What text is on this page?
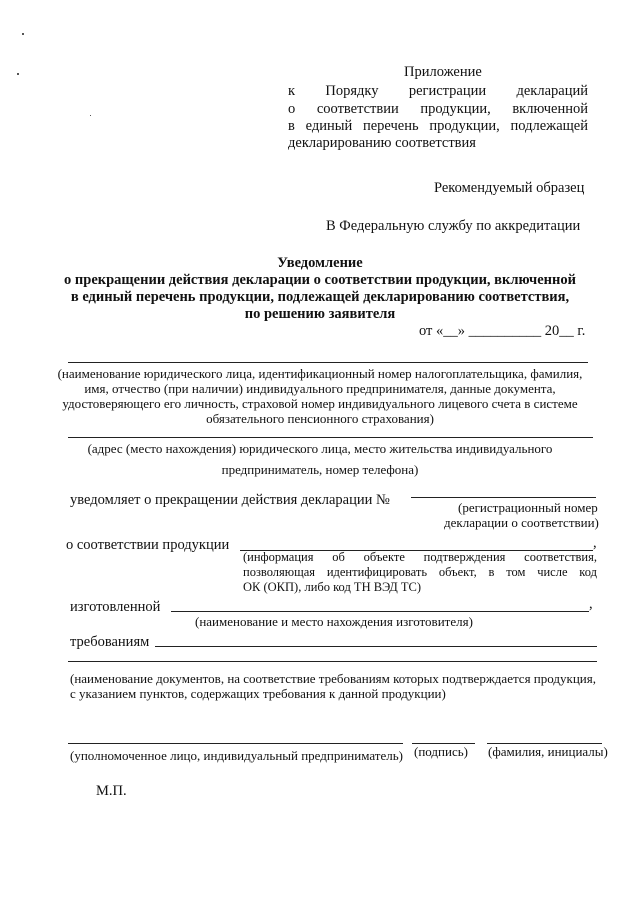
Приложение
к Порядку регистрации деклараций
о соответствии продукции, включенной
в единый перечень продукции, подлежащей
декларированию соответствия
Рекомендуемый образец
В Федеральную службу по аккредитации
Уведомление
о прекращении действия декларации о соответствии продукции, включенной
в единый перечень продукции, подлежащей декларированию соответствия,
по решению заявителя
от «__» __________ 20__ г.
(наименование юридического лица, идентификационный номер налогоплательщика, фамилия,
имя, отчество (при наличии) индивидуального предпринимателя, данные документа,
удостоверяющего его личность, страховой номер индивидуального лицевого счета в системе
обязательного пенсионного страхования)
(адрес (место нахождения) юридического лица, место жительства индивидуального
предприниматель, номер телефона)
уведомляет о прекращении действия декларации №	(регистрационный номер
декларации о соответствии)
о соответствии продукции	,
(информация об объекте подтверждения соответствия,
позволяющая идентифицировать объект, в том числе код
ОК (ОКП), либо код ТН ВЭД ТС)
изготовленной	,
(наименование и место нахождения изготовителя)
требованиям
(наименование документов, на соответствие требованиям которых подтверждается продукция,
с указанием пунктов, содержащих требования к данной продукции)
(уполномоченное лицо, индивидуальный предприниматель) (подпись) (фамилия, инициалы)
М.П.
